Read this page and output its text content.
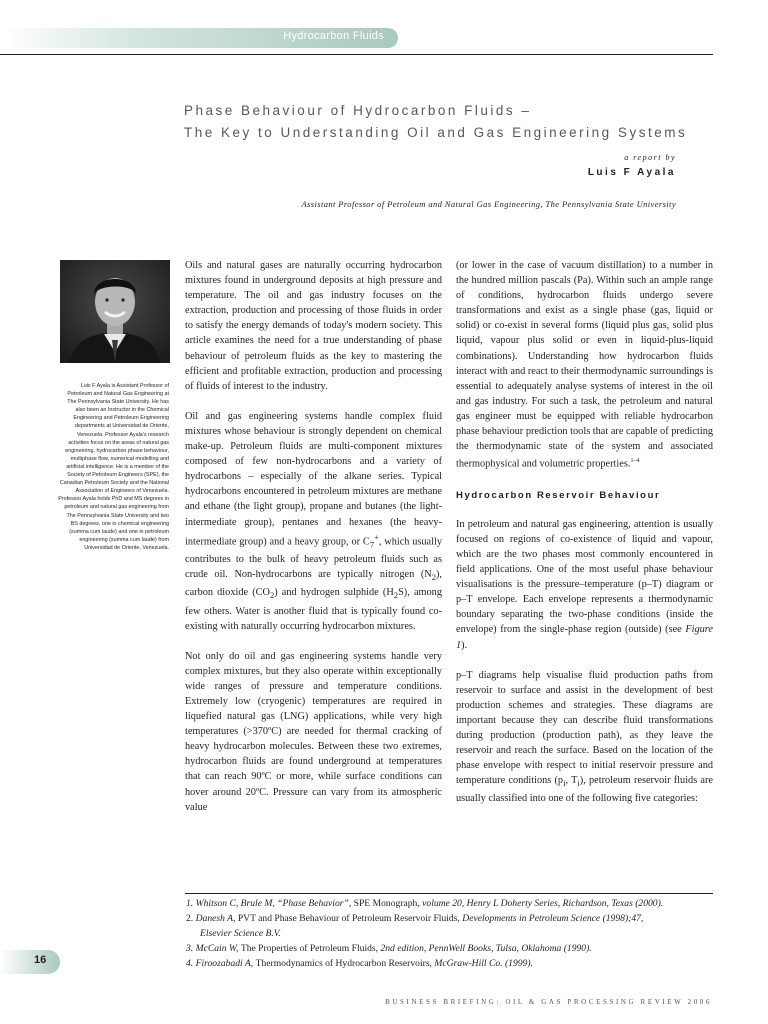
Hydrocarbon Fluids
Phase Behaviour of Hydrocarbon Fluids –
The Key to Understanding Oil and Gas Engineering Systems
a report by
Luis F Ayala
Assistant Professor of Petroleum and Natural Gas Engineering, The Pennsylvania State University
Luis F Ayala is Assistant Professor of Petroleum and Natural Gas Engineering at The Pennsylvania State University. He has also been an Instructor in the Chemical Engineering and Petroleum Engineering departments at Universidad de Oriente, Venezuela. Professor Ayala's research activities focus on the areas of natural gas engineering, hydrocarbon phase behaviour, multiphase flow, numerical modelling and artificial intelligence. He is a member of the Society of Petroleum Engineers (SPE), the Canadian Petroleum Society and the National Association of Engineers of Venezuela. Professor Ayala holds PhD and MS degrees in petroleum and natural gas engineering from The Pennsylvania State University and two BS degrees, one in chemical engineering (summa cum laude) and one in petroleum engineering (summa cum laude) from Universidad de Oriente, Venezuela.

Oils and natural gases are naturally occurring hydrocarbon mixtures found in underground deposits at high pressure and temperature. The oil and gas industry focuses on the extraction, production and processing of those fluids in order to satisfy the energy demands of today's modern society. This article examines the need for a true understanding of phase behaviour of petroleum fluids as the key to mastering the efficient and profitable extraction, production and processing of fluids of interest to the industry.

Oil and gas engineering systems handle complex fluid mixtures whose behaviour is strongly dependent on chemical make-up. Petroleum fluids are multi-component mixtures composed of few non-hydrocarbons and a variety of hydrocarbons – especially of the alkane series. Typical hydrocarbons encountered in petroleum mixtures are methane and ethane (the light group), propane and butanes (the light-intermediate group), pentanes and hexanes (the heavy-intermediate group) and a heavy group, or $C_7^+$, which usually contributes to the bulk of heavy petroleum fluids such as crude oil. Non-hydrocarbons are typically nitrogen $(N_2)$, carbon dioxide $(CO_2)$ and hydrogen sulphide $(H_2S)$, among few others. Water is another fluid that is typically found co-existing with naturally occurring hydrocarbon mixtures.

Not only do oil and gas engineering systems handle very complex mixtures, but they also operate within exceptionally wide ranges of pressure and temperature conditions. Extremely low (cryogenic) temperatures are required in liquefied natural gas (LNG) applications, while very high temperatures (>370ºC) are needed for thermal cracking of heavy hydrocarbon molecules. Between these two extremes, hydrocarbon fluids are found underground at temperatures that can reach 90ºC or more, while surface conditions can hover around 20ºC. Pressure can vary from its atmospheric value

(or lower in the case of vacuum distillation) to a number in the hundred million pascals (Pa). Within such an ample range of conditions, hydrocarbon fluids undergo severe transformations and exist as a single phase (gas, liquid or solid) or co-exist in several forms (liquid plus gas, solid plus liquid, vapour plus solid or even in liquid-plus-liquid combinations). Understanding how hydrocarbon fluids interact with and react to their thermodynamic surroundings is essential to adequately analyse systems of interest in the oil and gas industry. For such a task, the petroleum and natural gas engineer must be equipped with reliable hydrocarbon phase behaviour prediction tools that are capable of predicting the thermodynamic state of the system and associated thermophysical and volumetric properties.$^{1-4}$

Hydrocarbon Reservoir Behaviour

In petroleum and natural gas engineering, attention is usually focused on regions of co-existence of liquid and vapour, which are the two phases most commonly encountered in field applications. One of the most useful phase behaviour visualisations is the pressure–temperature (p–T) diagram or p–T envelope. Each envelope represents a thermodynamic boundary separating the two-phase conditions (inside the envelope) from the single-phase region (outside) (see Figure 1).

p–T diagrams help visualise fluid production paths from reservoir to surface and assist in the development of best production schemes and strategies. These diagrams are important because they can describe fluid transformations during production (production path), as they leave the reservoir and reach the surface. Based on the location of the phase envelope with respect to initial reservoir pressure and temperature conditions ($p_i$, $T_i$), petroleum reservoir fluids are usually classified into one of the following five categories:

1. Whitson C, Brule M, “Phase Behavior”, SPE Monograph, volume 20, Henry L Doherty Series, Richardson, Texas (2000).
2. Danesh A, PVT and Phase Behaviour of Petroleum Reservoir Fluids, Developments in Petroleum Science (1998);47,
Elsevier Science B.V.
3. McCain W, The Properties of Petroleum Fluids, 2nd edition, PennWell Books, Tulsa, Oklahoma (1990).
4. Firoozabadi A, Thermodynamics of Hydrocarbon Reservoirs, McGraw-Hill Co. (1999).
16
BUSINESS BRIEFING: OIL & GAS PROCESSING REVIEW 2006
